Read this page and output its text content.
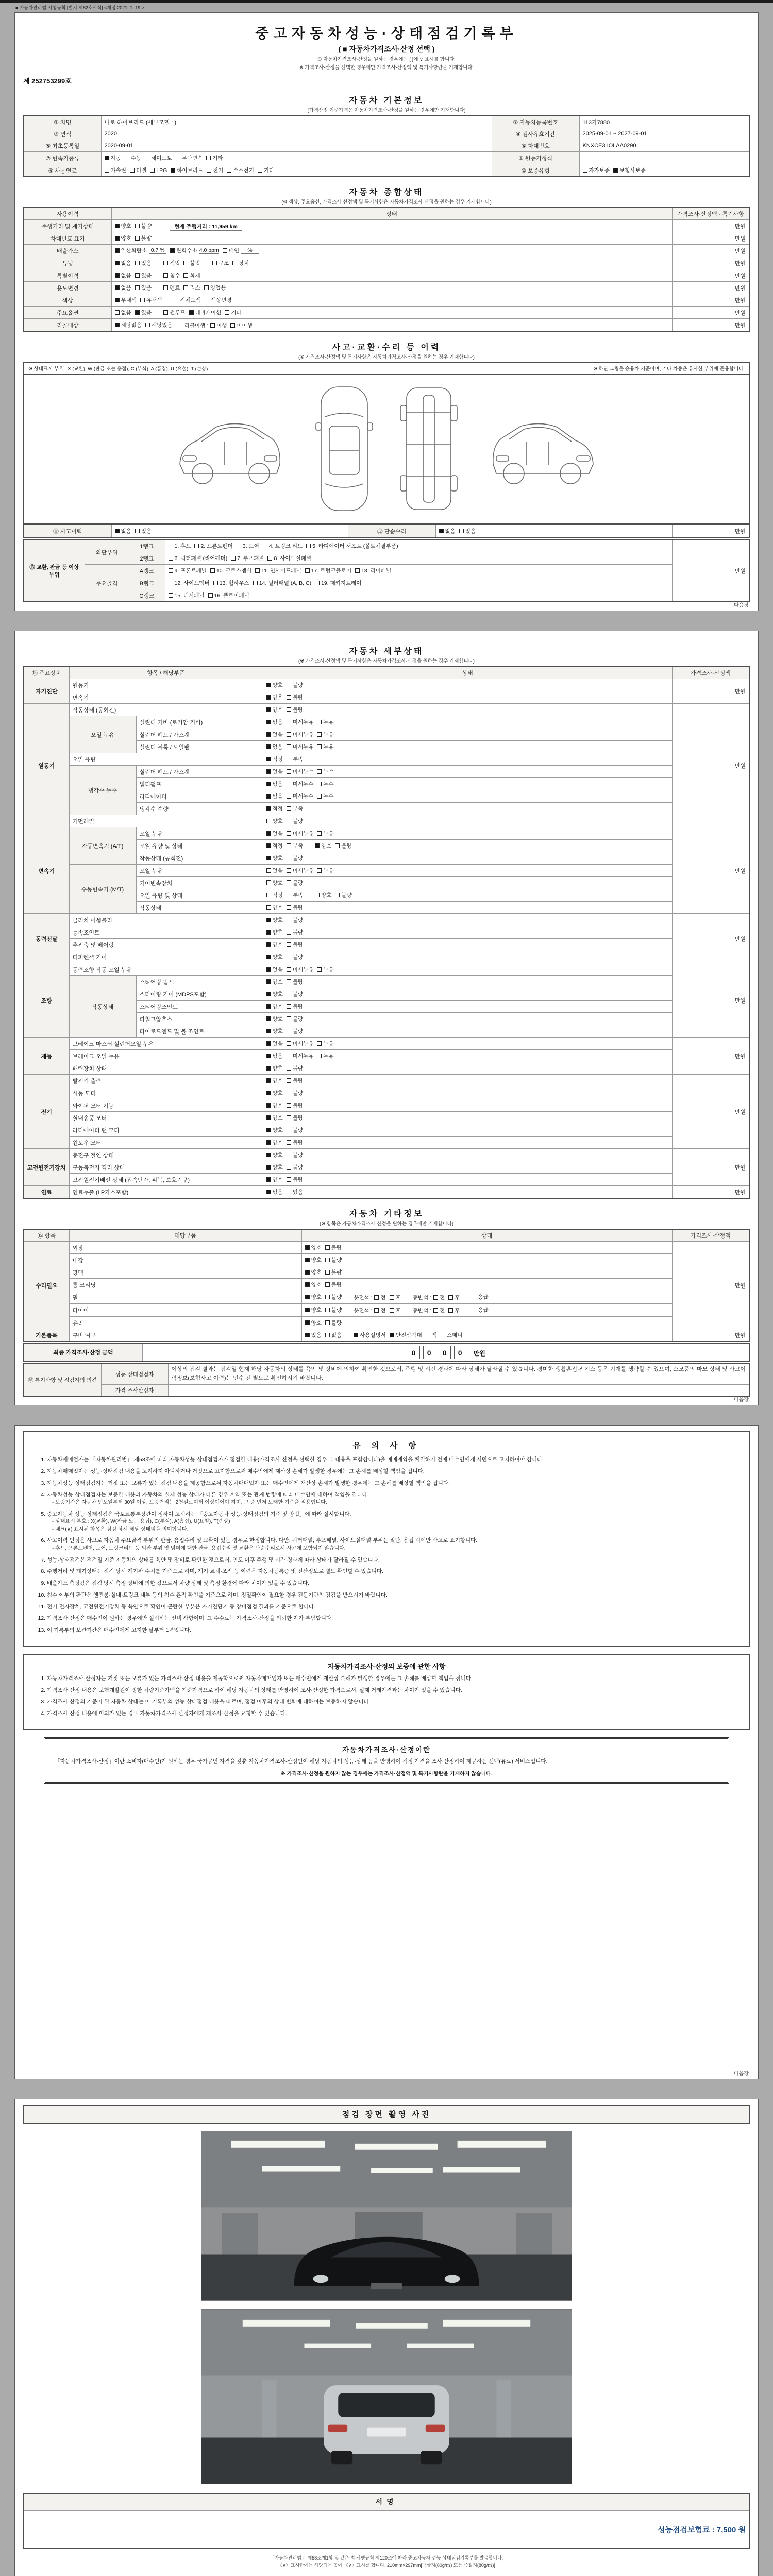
■ 자동차관리법 시행규칙 [별지 제82호서식] <개정 2021. 1. 19.>
중고자동차성능·상태점검기록부
( ■ 자동차가격조사·산정 선택 )
① 자동차가격조사·산정을 원하는 경우에는 [ ]에 ∨ 표시를 합니다.
※ 가격조사·산정을 선택한 경우에만 가격조사·산정액 및 특기사항란을 기재합니다.
제 252753299호
자동차 기본정보
(가격산정 기준가격은 자동차가격조사·산정을 원하는 경우에만 기재합니다)
① 차명	니로 하이브리드 (세부모델 : )	② 자동차등록번호	113가7880
③ 연식	2020	④ 검사유효기간	2025-09-01 ~ 2027-09-01
⑤ 최초등록일	2020-09-01	⑥ 차대번호	KNXCE31OLAA0290
⑦ 변속기종류	자동 수동 세미오토 무단변속 기타	⑧ 원동기형식	
⑨ 사용연료	가솔린 디젤 LPG 하이브리드 전기 수소전기 기타	⑩ 보증유형	자가보증 보험사보증
자동차 종합상태
(※ 색상, 주요옵션, 가격조사·산정액 및 특기사항은 자동차가격조사·산정을 원하는 경우 기재합니다)
사용이력	상태	가격조사·산정액 · 특기사항
주행거리 및 계기상태	양호 불량 현재 주행거리 : 11,959 km	만원
차대번호 표기	양호 불량	만원
배출가스	일산화탄소 0.7 %	탄화수소 4.0 ppm 매연	%	만원
튜닝	없음 있음	적법 불법	구조 장치	만원
특별이력	없음 있음 침수 화재	만원
용도변경	없음 있음 렌트 리스 영업용	만원
색상	무채색 유채색 전체도색 색상변경	만원
주요옵션	없음 있음 썬루프 네비게이션 기타	만원
리콜대상	해당없음 해당있음 리콜이행 : 이행 미이행	만원
사고·교환·수리 등 이력
(※ 가격조사·산정액 및 특기사항은 자동차가격조사·산정을 원하는 경우 기재합니다)
※ 상태표시 부호 : X (교환), W (판금 또는 용접), C (부식), A (흠집), U (요철), T (손상)	※ 하단 그림은 승용차 기준이며, 기타 차종은 유사한 부위에 준용합니다.
⑪ 사고이력	없음 있음	⑫ 단순수리	없음 있음	만원
⑬ 교환, 판금 등 이상 부위	외판부위	1랭크	1. 후드 2. 프론트펜더 3. 도어 4. 트렁크 리드 5. 라디에이터 서포트 (볼트체결부품)	만원
		2랭크	6. 쿼터패널 (리어펜더) 7. 루프패널 8. 사이드실패널	

	주요골격	A랭크	9. 프론트패널 10. 크로스멤버 11. 인사이드패널 17. 트렁크플로어 18. 리어패널	

		B랭크	12. 사이드멤버 13. 휠하우스 14. 필러패널 (A, B, C) 19. 패키지트레이	

		C랭크	15. 대시패널 16. 플로어패널	
다음장
자동차 세부상태
(※ 가격조사·산정액 및 특기사항은 자동차가격조사·산정을 원하는 경우 기재합니다)
⑭ 주요장치	항목 / 해당부품		상태	가격조사·산정액
자기진단	원동기		양호 불량	만원
	변속기		양호 불량	

원동기	작동상태 (공회전)		양호 불량	만원
	오일 누유	실린더 커버 (로커암 커버)	없음 미세누유 누유	

		실린더 헤드 / 가스켓	없음 미세누유 누유	

		실린더 블록 / 오일팬	없음 미세누유 누유	

	오일 유량		적정 부족	

	냉각수 누수	실린더 헤드 / 가스켓	없음 미세누수 누수	

		워터펌프	없음 미세누수 누수	

		라디에이터	없음 미세누수 누수	

		냉각수 수량	적정 부족	

	커먼레일		양호 불량	

변속기	자동변속기 (A/T)	오일 누유	없음 미세누유 누유	만원
		오일 유량 및 상태	적정 부족 양호 불량	

		작동상태 (공회전)	양호 불량	

	수동변속기 (M/T)	오일 누유	없음 미세누유 누유	

		기어변속장치	양호 불량	

		오일 유량 및 상태	적정 부족 양호 불량	

		작동상태	양호 불량	

동력전달	클러치 어셈블리		양호 불량	만원
	등속조인트		양호 불량	

	추진축 및 베어링		양호 불량	

	디퍼렌셜 기어		양호 불량	

조향	동력조향 작동 오일 누유		없음 미세누유 누유	만원
	작동상태	스티어링 펌프	양호 불량	

		스티어링 기어 (MDPS포함)	양호 불량	

		스티어링조인트	양호 불량	

		파워고압호스	양호 불량	

		타이로드엔드 및 볼 조인트	양호 불량	

제동	브레이크 마스터 실린더오일 누유		없음 미세누유 누유	만원
	브레이크 오일 누유		없음 미세누유 누유	

	배력장치 상태		양호 불량	

전기	발전기 출력		양호 불량	만원
	시동 모터		양호 불량	

	와이퍼 모터 기능		양호 불량	

	실내송풍 모터		양호 불량	

	라디에이터 팬 모터		양호 불량	

	윈도우 모터		양호 불량	

고전원전기장치	충전구 절연 상태		양호 불량	만원
	구동축전지 격리 상태		양호 불량	

	고전원전기배선 상태 (접속단자, 피복, 보호기구)		양호 불량	

연료	연료누출 (LP가스포함)		없음 있음	만원
자동차 기타정보
(※ 항목은 자동차가격조사·산정을 원하는 경우에만 기재합니다)
⑮ 항목	해당부품	상태	가격조사·산정액
수리필요	외장	양호 불량	만원
	내장	양호 불량	

	광택	양호 불량	

	룸 크리닝	양호 불량	

휠	양호 불량 운전석 : 전 후 동반석 : 전 후	응급

타이어	양호 불량 운전석 : 전 후 동반석 : 전 후	응급

	유리	양호 불량	

기본품목	구비 여부	있음 없음	사용설명서 안전삼각대 잭 스패너	만원
최종 가격조사·산정 금액	0 0 0 0 만원
⑯ 특기사항 및 점검자의 의견	성능·상태점검자	이상의 점검 결과는 점검일 현재 해당 자동차의 상태를 육안 및 장비에 의하여 확인한 것으로서, 주행 및 시간 경과에 따라 상태가 달라질 수 있습니다. 경미한 생활흠집·잔기스 등은 기재를 생략할 수 있으며, 소모품의 마모 상태 및 사고이력정보(보험사고 이력)는 인수 전 별도로 확인하시기 바랍니다.
	가격·조사산정자	
다음장
유 의 사 항
1. 자동차매매업자는 「자동차관리법」 제58조에 따라 자동차성능·상태점검자가 점검한 내용(가격조사·산정을 선택한 경우 그 내용을 포함합니다)을 매매계약을 체결하기 전에 매수인에게 서면으로 고지하여야 합니다.
2. 자동차매매업자는 성능·상태점검 내용을 고지하지 아니하거나 거짓으로 고지함으로써 매수인에게 재산상 손해가 발생한 경우에는 그 손해를 배상할 책임을 집니다.
3. 자동차성능·상태점검자는 거짓 또는 오류가 있는 점검 내용을 제공함으로써 자동차매매업자 또는 매수인에게 재산상 손해가 발생한 경우에는 그 손해를 배상할 책임을 집니다.
4. 자동차성능·상태점검자는 보증한 내용과 자동차의 실제 성능·상태가 다른 경우 계약 또는 관계 법령에 따라 매수인에 대하여 책임을 집니다.
- 보증기간은 자동차 인도일부터 30일 이상, 보증거리는 2천킬로미터 이상이어야 하며, 그 중 먼저 도래한 기준을 적용합니다.
5. 중고자동차 성능·상태점검은 국토교통부장관이 정하여 고시하는 「중고자동차 성능·상태점검의 기준 및 방법」에 따라 실시합니다.
- 상태표시 부호 : X(교환), W(판금 또는 용접), C(부식), A(흠집), U(요철), T(손상)
- 체크(∨) 표시된 항목은 점검 당시 해당 상태임을 의미합니다.
6. 사고이력 인정은 사고로 자동차 주요골격 부위의 판금, 용접수리 및 교환이 있는 경우로 한정합니다. 다만, 쿼터패널, 루프패널, 사이드실패널 부위는 절단, 용접 시에만 사고로 표기합니다.
- 후드, 프론트펜더, 도어, 트렁크리드 등 외판 부위 및 범퍼에 대한 판금, 용접수리 및 교환은 단순수리로서 사고에 포함되지 않습니다.
7. 성능·상태점검은 점검일 기준 자동차의 상태를 육안 및 장비로 확인한 것으로서, 인도 이후 주행 및 시간 경과에 따라 상태가 달라질 수 있습니다.
8. 주행거리 및 계기상태는 점검 당시 계기판 수치를 기준으로 하며, 계기 교체·조작 등 이력은 자동차등록증 및 전산정보로 별도 확인할 수 있습니다.
9. 배출가스 측정값은 점검 당시 측정 장비에 의한 값으로서 차량 상태 및 측정 환경에 따라 차이가 있을 수 있습니다.
10. 침수 여부의 판단은 엔진룸·실내·트렁크 내부 등의 침수 흔적 확인을 기준으로 하며, 정밀확인이 필요한 경우 전문기관의 점검을 받으시기 바랍니다.
11. 전기·전자장치, 고전원전기장치 등 육안으로 확인이 곤란한 부분은 자기진단기 등 장비점검 결과를 기준으로 합니다.
12. 가격조사·산정은 매수인이 원하는 경우에만 실시하는 선택 사항이며, 그 수수료는 가격조사·산정을 의뢰한 자가 부담합니다.
13. 이 기록부의 보관기간은 매수인에게 고지한 날부터 1년입니다.
자동차가격조사·산정의 보증에 관한 사항
1. 자동차가격조사·산정자는 거짓 또는 오류가 있는 가격조사·산정 내용을 제공함으로써 자동차매매업자 또는 매수인에게 재산상 손해가 발생한 경우에는 그 손해를 배상할 책임을 집니다.
2. 가격조사·산정 내용은 보험개발원이 정한 차량기준가액을 기준가격으로 하여 해당 자동차의 상태를 반영하여 조사·산정한 가격으로서, 실제 거래가격과는 차이가 있을 수 있습니다.
3. 가격조사·산정의 기준이 된 자동차 상태는 이 기록부의 성능·상태점검 내용을 따르며, 점검 이후의 상태 변화에 대하여는 보증하지 않습니다.
4. 가격조사·산정 내용에 이의가 있는 경우 자동차가격조사·산정자에게 재조사·산정을 요청할 수 있습니다.
자동차가격조사·산정이란
「자동차가격조사·산정」이란 소비자(매수인)가 원하는 경우 국가공인 자격을 갖춘 자동차가격조사·산정인이 해당 자동차의 성능·상태 등을 반영하여 적정 가격을 조사·산정하여 제공하는 선택(유료) 서비스입니다.
※ 가격조사·산정을 원하지 않는 경우에는 가격조사·산정액 및 특기사항란을 기재하지 않습니다.
다음장
점검 장면 촬영 사진
서명
성능점검보험료 : 7,500 원
「자동차관리법」 제58조제1항 및 같은 법 시행규칙 제120조에 따라 중고자동차 성능·상태점검기록부를 발급합니다.
〈∨〉표시란에는 해당되는 곳에 〈∨〉표시를 합니다. 210mm×297mm[백상지(80g/㎡) 또는 중질지(80g/㎡)]
